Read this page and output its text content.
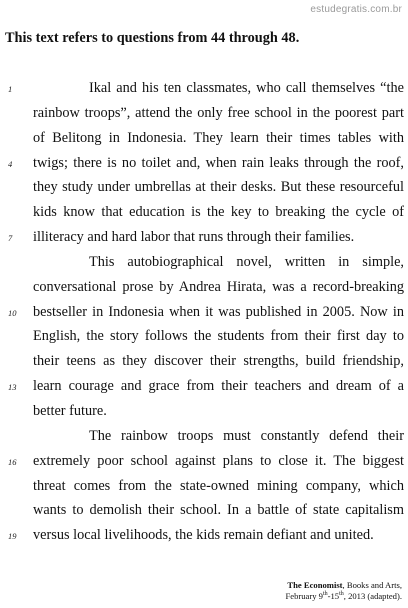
estudegratis.com.br
This text refers to questions from 44 through 48.
1	Ikal and his ten classmates, who call themselves “the
rainbow troops”, attend the only free school in the poorest part
of Belitong in Indonesia. They learn their times tables with
4	twigs; there is no toilet and, when rain leaks through the roof,
they study under umbrellas at their desks. But these resourceful
kids know that education is the key to breaking the cycle of
7	illiteracy and hard labor that runs through their families.
This autobiographical novel, written in simple,
conversational prose by Andrea Hirata, was a record-breaking
10	bestseller in Indonesia when it was published in 2005. Now in
English, the story follows the students from their first day to
their teens as they discover their strengths, build friendship,
13	learn courage and grace from their teachers and dream of a
better future.
The rainbow troops must constantly defend their
16	extremely poor school against plans to close it. The biggest
threat comes from the state-owned mining company, which
wants to demolish their school. In a battle of state capitalism
19	versus local livelihoods, the kids remain defiant and united.
The Economist, Books and Arts,
February 9th-15th, 2013 (adapted).
